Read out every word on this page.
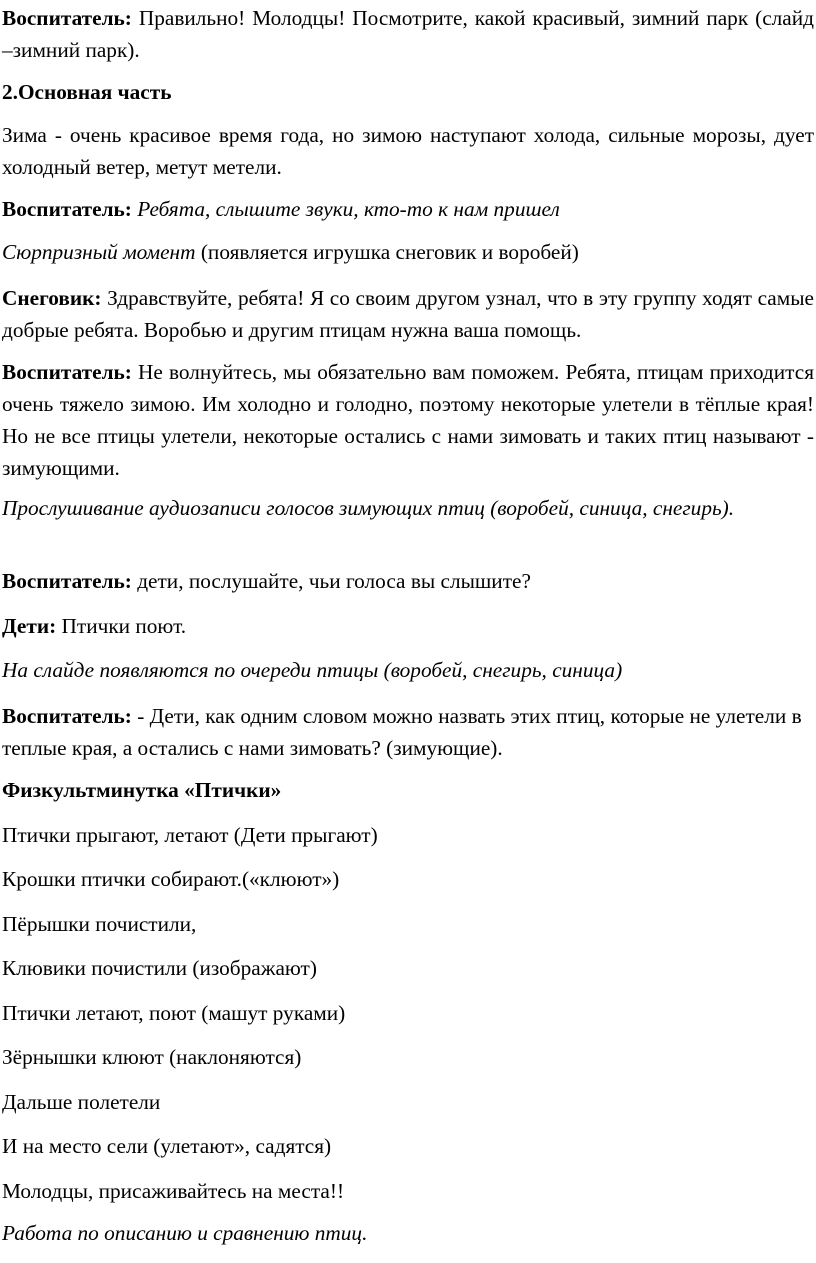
Воспитатель: Правильно! Молодцы! Посмотрите, какой красивый, зимний парк (слайд –зимний парк).

2.Основная часть

Зима - очень красивое время года, но зимою наступают холода, сильные морозы, дует холодный ветер, метут метели.

Воспитатель: Ребята, слышите звуки, кто-то к нам пришел

Сюрпризный момент (появляется игрушка снеговик и воробей)

Снеговик: Здравствуйте, ребята! Я со своим другом узнал, что в эту группу ходят самые добрые ребята. Воробью и другим птицам нужна ваша помощь.

Воспитатель: Не волнуйтесь, мы обязательно вам поможем. Ребята, птицам приходится очень тяжело зимою. Им холодно и голодно, поэтому некоторые улетели в тёплые края! Но не все птицы улетели, некоторые остались с нами зимовать и таких птиц называют - зимующими.

Прослушивание аудиозаписи голосов зимующих птиц (воробей, синица, снегирь).

Воспитатель: дети, послушайте, чьи голоса вы слышите?

Дети: Птички поют.

На слайде появляются по очереди птицы (воробей, снегирь, синица)

Воспитатель: - Дети, как одним словом можно назвать этих птиц, которые не улетели в теплые края, а остались с нами зимовать? (зимующие).

Физкультминутка «Птички»

Птички прыгают, летают (Дети прыгают)

Крошки птички собирают.(«клюют»)

Пёрышки почистили,

Клювики почистили (изображают)

Птички летают, поют (машут руками)

Зёрнышки клюют (наклоняются)

Дальше полетели

И на место сели (улетают», садятся)

Молодцы, присаживайтесь на места!!

Работа по описанию и сравнению птиц.
